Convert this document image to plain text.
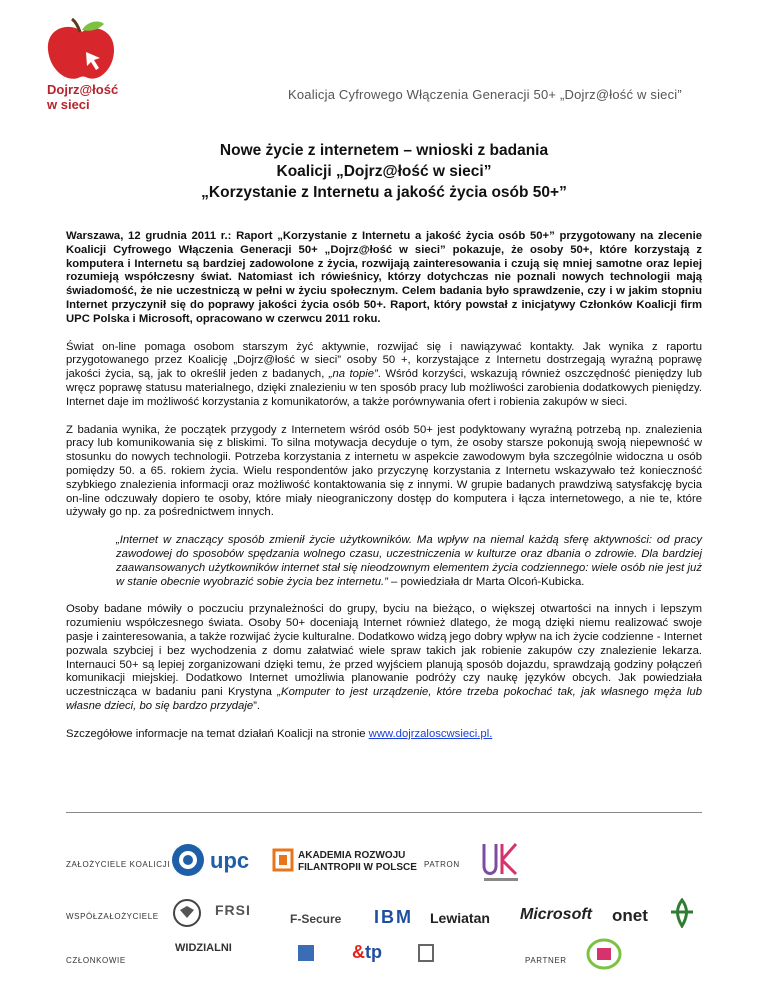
Dojrz@łość
w sieci
Koalicja Cyfrowego Włączenia Generacji 50+ „Dojrz@łość w sieci”
Nowe życie z internetem – wnioski z badania
Koalicji „Dojrz@łość w sieci”
„Korzystanie z Internetu a jakość życia osób 50+”

Warszawa, 12 grudnia 2011 r.: Raport „Korzystanie z Internetu a jakość życia osób 50+” przygotowany na zlecenie Koalicji Cyfrowego Włączenia Generacji 50+ „Dojrz@łość w sieci” pokazuje, że osoby 50+, które korzystają z komputera i Internetu są bardziej zadowolone z życia, rozwijają zainteresowania i czują się mniej samotne oraz lepiej rozumieją współczesny świat. Natomiast ich rówieśnicy, którzy dotychczas nie poznali nowych technologii mają świadomość, że nie uczestniczą w pełni w życiu społecznym. Celem badania było sprawdzenie, czy i w jakim stopniu Internet przyczynił się do poprawy jakości życia osób 50+. Raport, który powstał z inicjatywy Członków Koalicji firm UPC Polska i Microsoft, opracowano w czerwcu 2011 roku.

Świat on-line pomaga osobom starszym żyć aktywnie, rozwijać się i nawiązywać kontakty. Jak wynika z raportu przygotowanego przez Koalicję „Dojrz@łość w sieci” osoby 50 +, korzystające z Internetu dostrzegają wyraźną poprawę jakości życia, są, jak to określił jeden z badanych, „na topie”. Wśród korzyści, wskazują również oszczędność pieniędzy lub wręcz poprawę statusu materialnego, dzięki znalezieniu w ten sposób pracy lub możliwości zarobienia dodatkowych pieniędzy. Internet daje im możliwość korzystania z komunikatorów, a także porównywania ofert i robienia zakupów w sieci.

Z badania wynika, że początek przygody z Internetem wśród osób 50+ jest podyktowany wyraźną potrzebą np. znalezienia pracy lub komunikowania się z bliskimi. To silna motywacja decyduje o tym, że osoby starsze pokonują swoją niepewność w stosunku do nowych technologii. Potrzeba korzystania z internetu w aspekcie zawodowym była szczególnie widoczna u osób pomiędzy 50. a 65. rokiem życia. Wielu respondentów jako przyczynę korzystania z Internetu wskazywało też konieczność szybkiego znalezienia informacji oraz możliwość kontaktowania się z innymi. W grupie badanych prawdziwą satysfakcję bycia on-line odczuwały dopiero te osoby, które miały nieograniczony dostęp do komputera i łącza internetowego, a nie te, które używały go np. za pośrednictwem innych.

„Internet w znaczący sposób zmienił życie użytkowników. Ma wpływ na niemal każdą sferę aktywności: od pracy zawodowej do sposobów spędzania wolnego czasu, uczestniczenia w kulturze oraz dbania o zdrowie. Dla bardziej zaawansowanych użytkowników internet stał się nieodzownym elementem życia codziennego: wiele osób nie jest już w stanie obecnie wyobrazić sobie życia bez internetu.” – powiedziała dr Marta Olcoń-Kubicka.

Osoby badane mówiły o poczuciu przynależności do grupy, byciu na bieżąco, o większej otwartości na innych i lepszym rozumieniu współczesnego świata. Osoby 50+ doceniają Internet również dlatego, że mogą dzięki niemu realizować swoje pasje i zainteresowania, a także rozwijać życie kulturalne. Dodatkowo widzą jego dobry wpływ na ich życie codzienne - Internet pozwala szybciej i bez wychodzenia z domu załatwiać wiele spraw takich jak robienie zakupów czy znalezienie lekarza. Internauci 50+ są lepiej zorganizowani dzięki temu, że przed wyjściem planują sposób dojazdu, sprawdzają godziny połączeń komunikacji miejskiej. Dodatkowo Internet umożliwia planowanie podróży czy naukę języków obcych. Jak powiedziała uczestnicząca w badaniu pani Krystyna „Komputer to jest urządzenie, które trzeba pokochać tak, jak własnego męża lub własne dzieci, bo się bardzo przydaje”.

Szczegółowe informacje na temat działań Koalicji na stronie www.dojrzaloscwsieci.pl.

ZAŁOŻYCIELE KOALICJI upc	AKADEMIA ROZWOJU
FILANTROPII W POLSCE PATRON
WSPÓŁZAŁOŻYCIELE	FRSI
F-Secure IBM Lewiatan Microsoft onet
CZŁONKOWIE
WIDZIALNI	&tp	PARTNER
